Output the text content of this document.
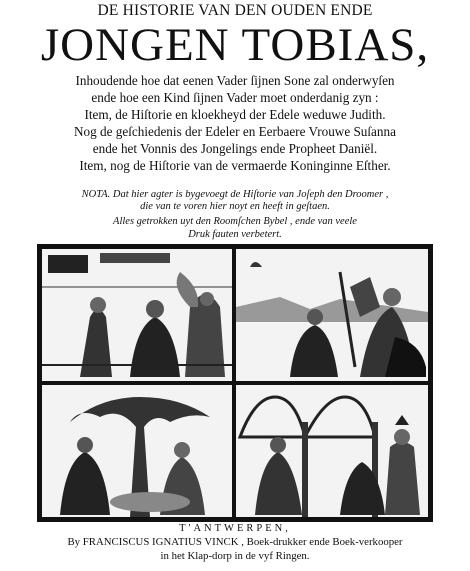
DE HISTORIE VAN DEN OUDEN ENDE
JONGEN TOBIAS,
Inhoudende hoe dat eenen Vader ſijnen Sone zal onderwyſen
ende hoe een Kind ſijnen Vader moet onderdanig zyn :
Item, de Hiſtorie en kloekheyd der Edele weduwe Judith.
Nog de geſchiedenis der Edeler en Eerbaere Vrouwe Suſanna
ende het Vonnis des Jongelings ende Propheet Daniël.
Item, nog de Hiſtorie van de vermaerde Koninginne Eſther.
NOTA. Dat hier agter is bygevoegt de Hiſtorie van Joſeph den Droomer ,
die van te voren hier noyt en heeft in geſtaen.
Alles getrokken uyt den Roomſchen Bybel , ende van veele
Druk fauten verbetert.
T'ANTWERPEN,
By FRANCISCUS IGNATIUS VINCK , Boek-drukker ende Boek-verkooper
in het Klap-dorp in de vyf Ringen.
